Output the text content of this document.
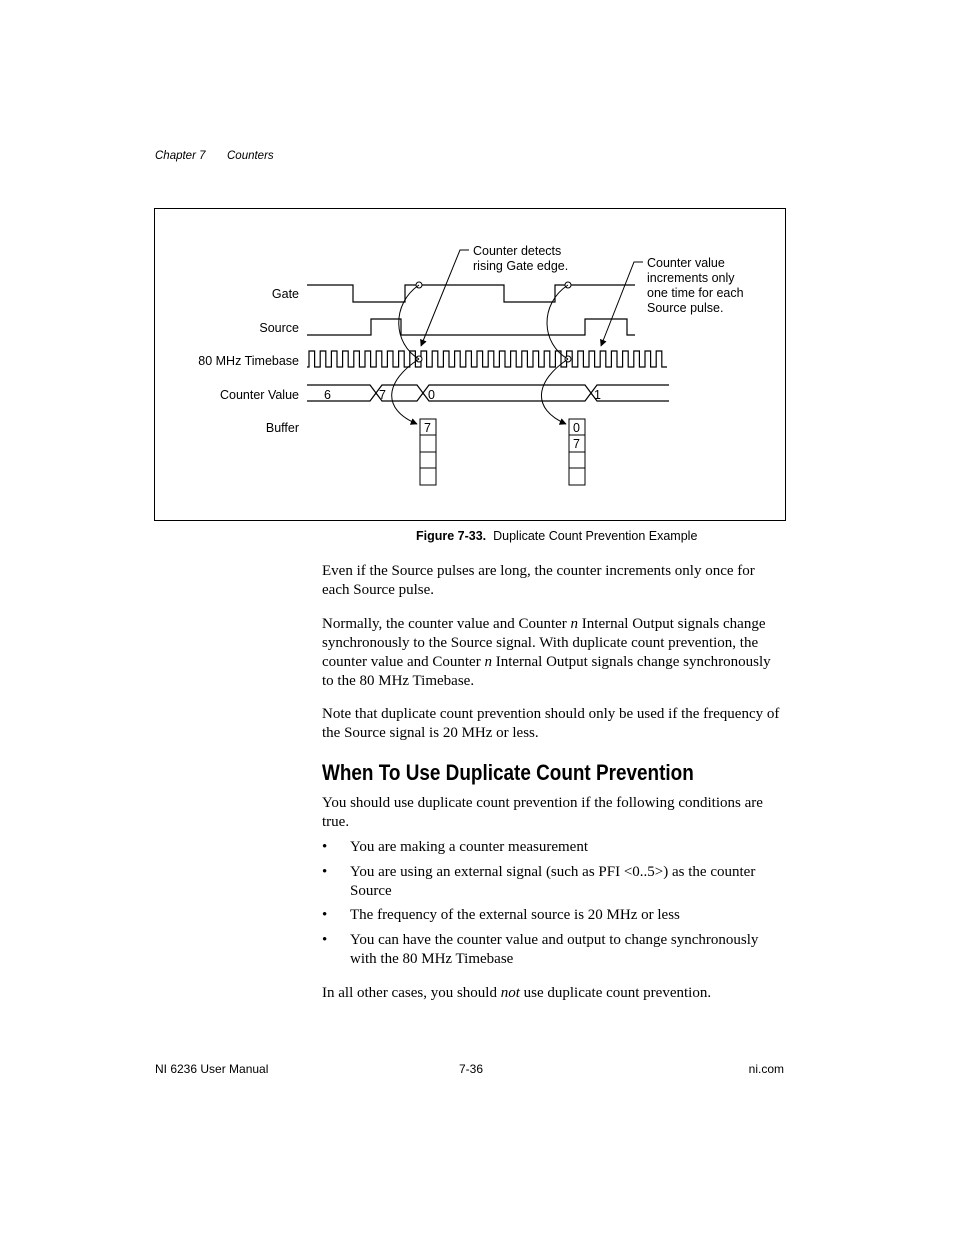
Chapter 7 Counters
Gate
Source
80 MHz Timebase
Counter Value
Buffer
6	7	0	1
7	0
7
Counter detects
rising Gate edge.	Counter value
increments only
one time for each
Source pulse.
Figure 7-33. Duplicate Count Prevention Example

Even if the Source pulses are long, the counter increments only once for each Source pulse.

Normally, the counter value and Counter n Internal Output signals change synchronously to the Source signal. With duplicate count prevention, the counter value and Counter n Internal Output signals change synchronously to the 80 MHz Timebase.

Note that duplicate count prevention should only be used if the frequency of the Source signal is 20 MHz or less.

When To Use Duplicate Count Prevention

You should use duplicate count prevention if the following conditions are true.

• You are making a counter measurement
• You are using an external signal (such as PFI <0..5>) as the counter Source
• The frequency of the external source is 20 MHz or less
• You can have the counter value and output to change synchronously with the 80 MHz Timebase

In all other cases, you should not use duplicate count prevention.

NI 6236 User Manual	7-36	ni.com
